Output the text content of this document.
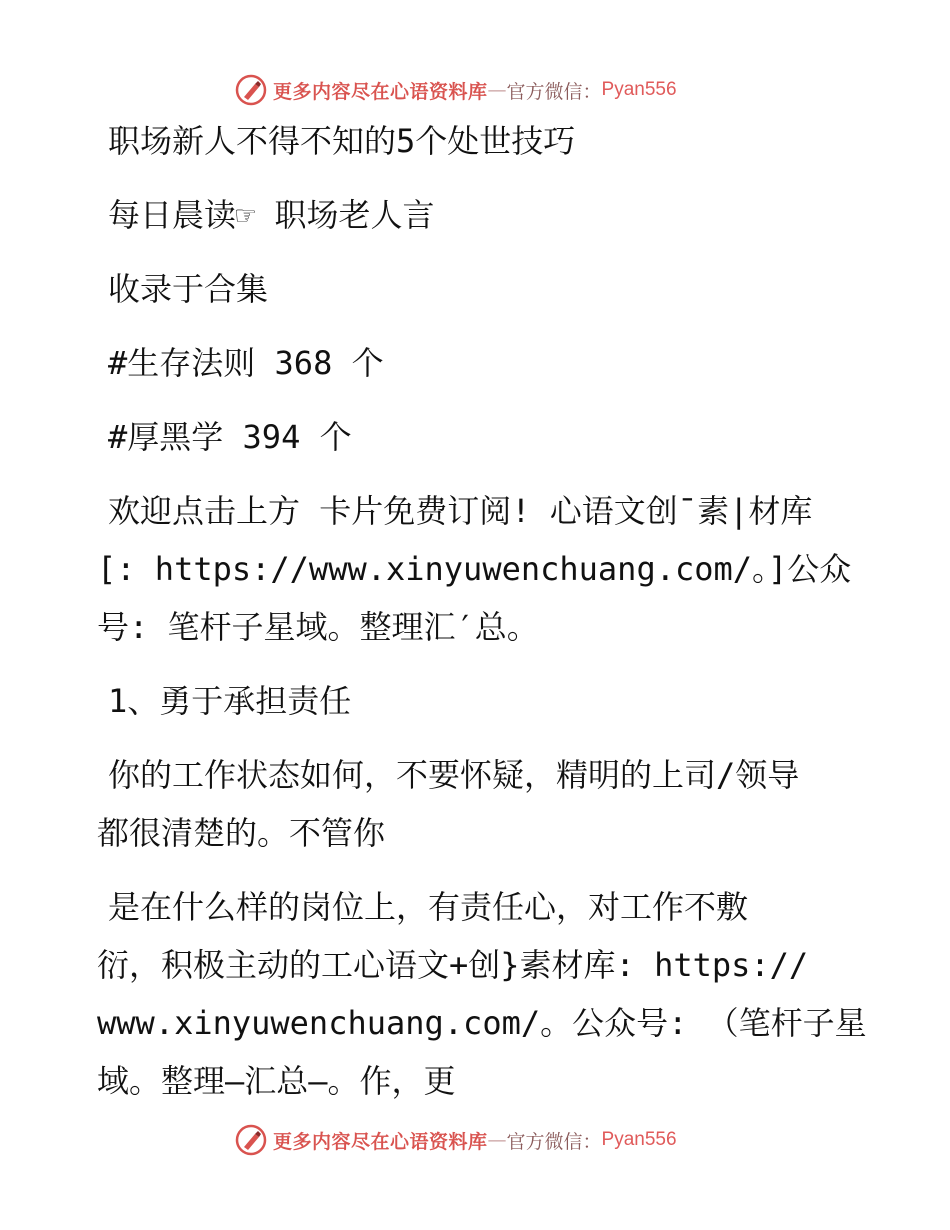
更多内容尽在心语资料库 — 官方微信： Pyan556
职场新人不得不知的5个处世技巧
每日晨读☞ 职场老人言
收录于合集
#生存法则 368 个
#厚黑学 394 个
欢迎点击上方 卡片免费订阅! 心语文创¯素|材库
[: https://www.xinyuwenchuang.com/。]公众
号: 笔杆子星域。整理汇′总。
1、勇于承担责任
你的工作状态如何，不要怀疑，精明的上司/领导
都很清楚的。不管你
是在什么样的岗位上，有责任心，对工作不敷
衍，积极主动的工心语文+创}素材库: https://
www.xinyuwenchuang.com/。公众号: （笔杆子星
域。整理—汇总—。作，更
更多内容尽在心语资料库 — 官方微信： Pyan556
